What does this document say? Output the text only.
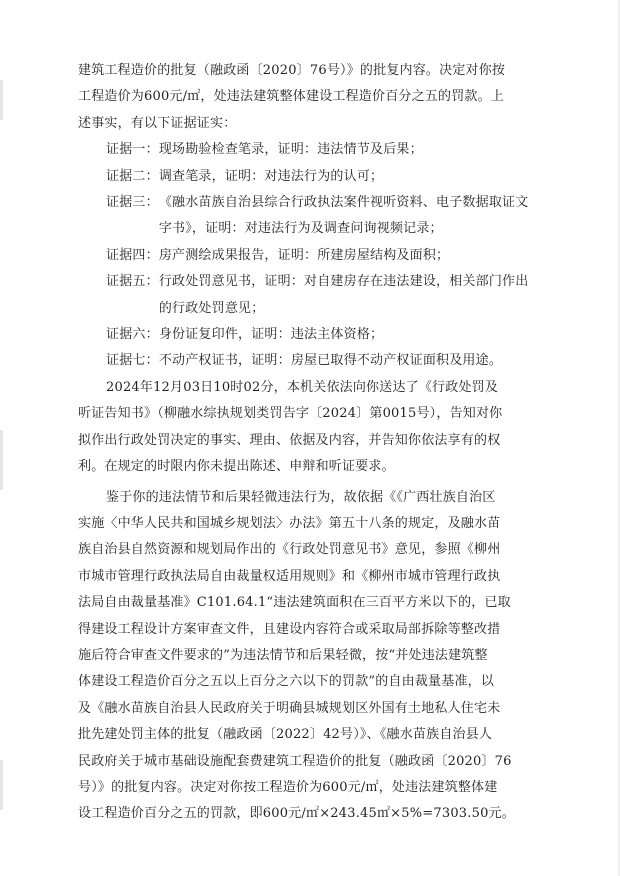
建筑工程造价的批复（融政函〔2020〕76号）》的批复内容。决定对你按
工程造价为600元/㎡，处违法建筑整体建设工程造价百分之五的罚款。上
述事实，有以下证据证实：
证据一：现场勘验检查笔录，证明：违法情节及后果；
证据二：调查笔录，证明：对违法行为的认可；
证据三：《融水苗族自治县综合行政执法案件视听资料、电子数据取证文字书》，证明：对违法行为及调查问询视频记录；
证据四：房产测绘成果报告，证明：所建房屋结构及面积；
证据五：行政处罚意见书，证明：对自建房存在违法建设，相关部门作出的行政处罚意见；
证据六：身份证复印件，证明：违法主体资格；
证据七：不动产权证书，证明：房屋已取得不动产权证面积及用途。
2024年12月03日10时02分，本机关依法向你送达了《行政处罚及
听证告知书》（柳融水综执规划类罚告字〔2024〕第0015号），告知对你
拟作出行政处罚决定的事实、理由、依据及内容，并告知你依法享有的权
利。在规定的时限内你未提出陈述、申辩和听证要求。
鉴于你的违法情节和后果轻微违法行为，故依据《《广西壮族自治区
实施〈中华人民共和国城乡规划法〉办法》第五十八条的规定，及融水苗
族自治县自然资源和规划局作出的《行政处罚意见书》意见，参照《柳州
市城市管理行政执法局自由裁量权适用规则》和《柳州市城市管理行政执
法局自由裁量基准》C101.64.1“违法建筑面积在三百平方米以下的，已取
得建设工程设计方案审查文件，且建设内容符合或采取局部拆除等整改措
施后符合审查文件要求的”为违法情节和后果轻微，按“并处违法建筑整
体建设工程造价百分之五以上百分之六以下的罚款”的自由裁量基准，以
及《融水苗族自治县人民政府关于明确县城规划区外国有土地私人住宅未
批先建处罚主体的批复（融政函〔2022〕42号）》、《融水苗族自治县人
民政府关于城市基础设施配套费建筑工程造价的批复（融政函〔2020〕76
号）》的批复内容。决定对你按工程造价为600元/㎡，处违法建筑整体建
设工程造价百分之五的罚款，即600元/㎡×243.45㎡×5%=7303.50元。
